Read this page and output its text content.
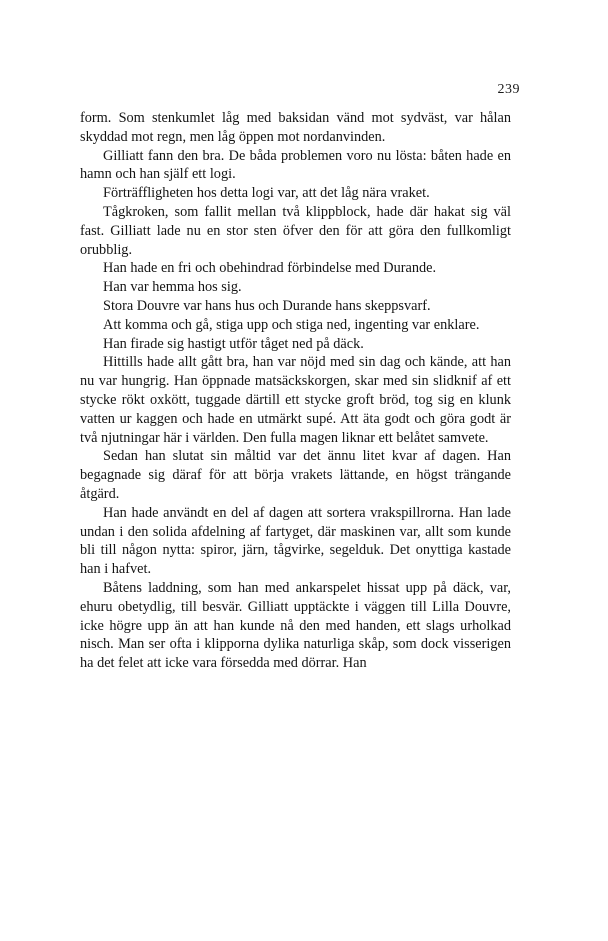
239

form. Som stenkumlet låg med baksidan vänd mot sydväst, var hålan skyddad mot regn, men låg öppen mot nordanvinden.

Gilliatt fann den bra. De båda problemen voro nu lösta: båten hade en hamn och han själf ett logi.

Förträffligheten hos detta logi var, att det låg nära vraket.

Tågkroken, som fallit mellan två klippblock, hade där hakat sig väl fast. Gilliatt lade nu en stor sten öfver den för att göra den fullkomligt orubblig.

Han hade en fri och obehindrad förbindelse med Durande.

Han var hemma hos sig.

Stora Douvre var hans hus och Durande hans skeppsvarf.

Att komma och gå, stiga upp och stiga ned, ingenting var enklare.

Han firade sig hastigt utför tåget ned på däck.

Hittills hade allt gått bra, han var nöjd med sin dag och kände, att han nu var hungrig. Han öppnade matsäckskorgen, skar med sin slidknif af ett stycke rökt oxkött, tuggade därtill ett stycke groft bröd, tog sig en klunk vatten ur kaggen och hade en utmärkt supé. Att äta godt och göra godt är två njutningar här i världen. Den fulla magen liknar ett belåtet samvete.

Sedan han slutat sin måltid var det ännu litet kvar af dagen. Han begagnade sig däraf för att börja vrakets lättande, en högst trängande åtgärd.

Han hade användt en del af dagen att sortera vrakspillrorna. Han lade undan i den solida afdelning af fartyget, där maskinen var, allt som kunde bli till någon nytta: spiror, järn, tågvirke, segelduk. Det onyttiga kastade han i hafvet.

Båtens laddning, som han med ankarspelet hissat upp på däck, var, ehuru obetydlig, till besvär. Gilliatt upptäckte i väggen till Lilla Douvre, icke högre upp än att han kunde nå den med handen, ett slags urholkad nisch. Man ser ofta i klipporna dylika naturliga skåp, som dock visserigen ha det felet att icke vara försedda med dörrar. Han
